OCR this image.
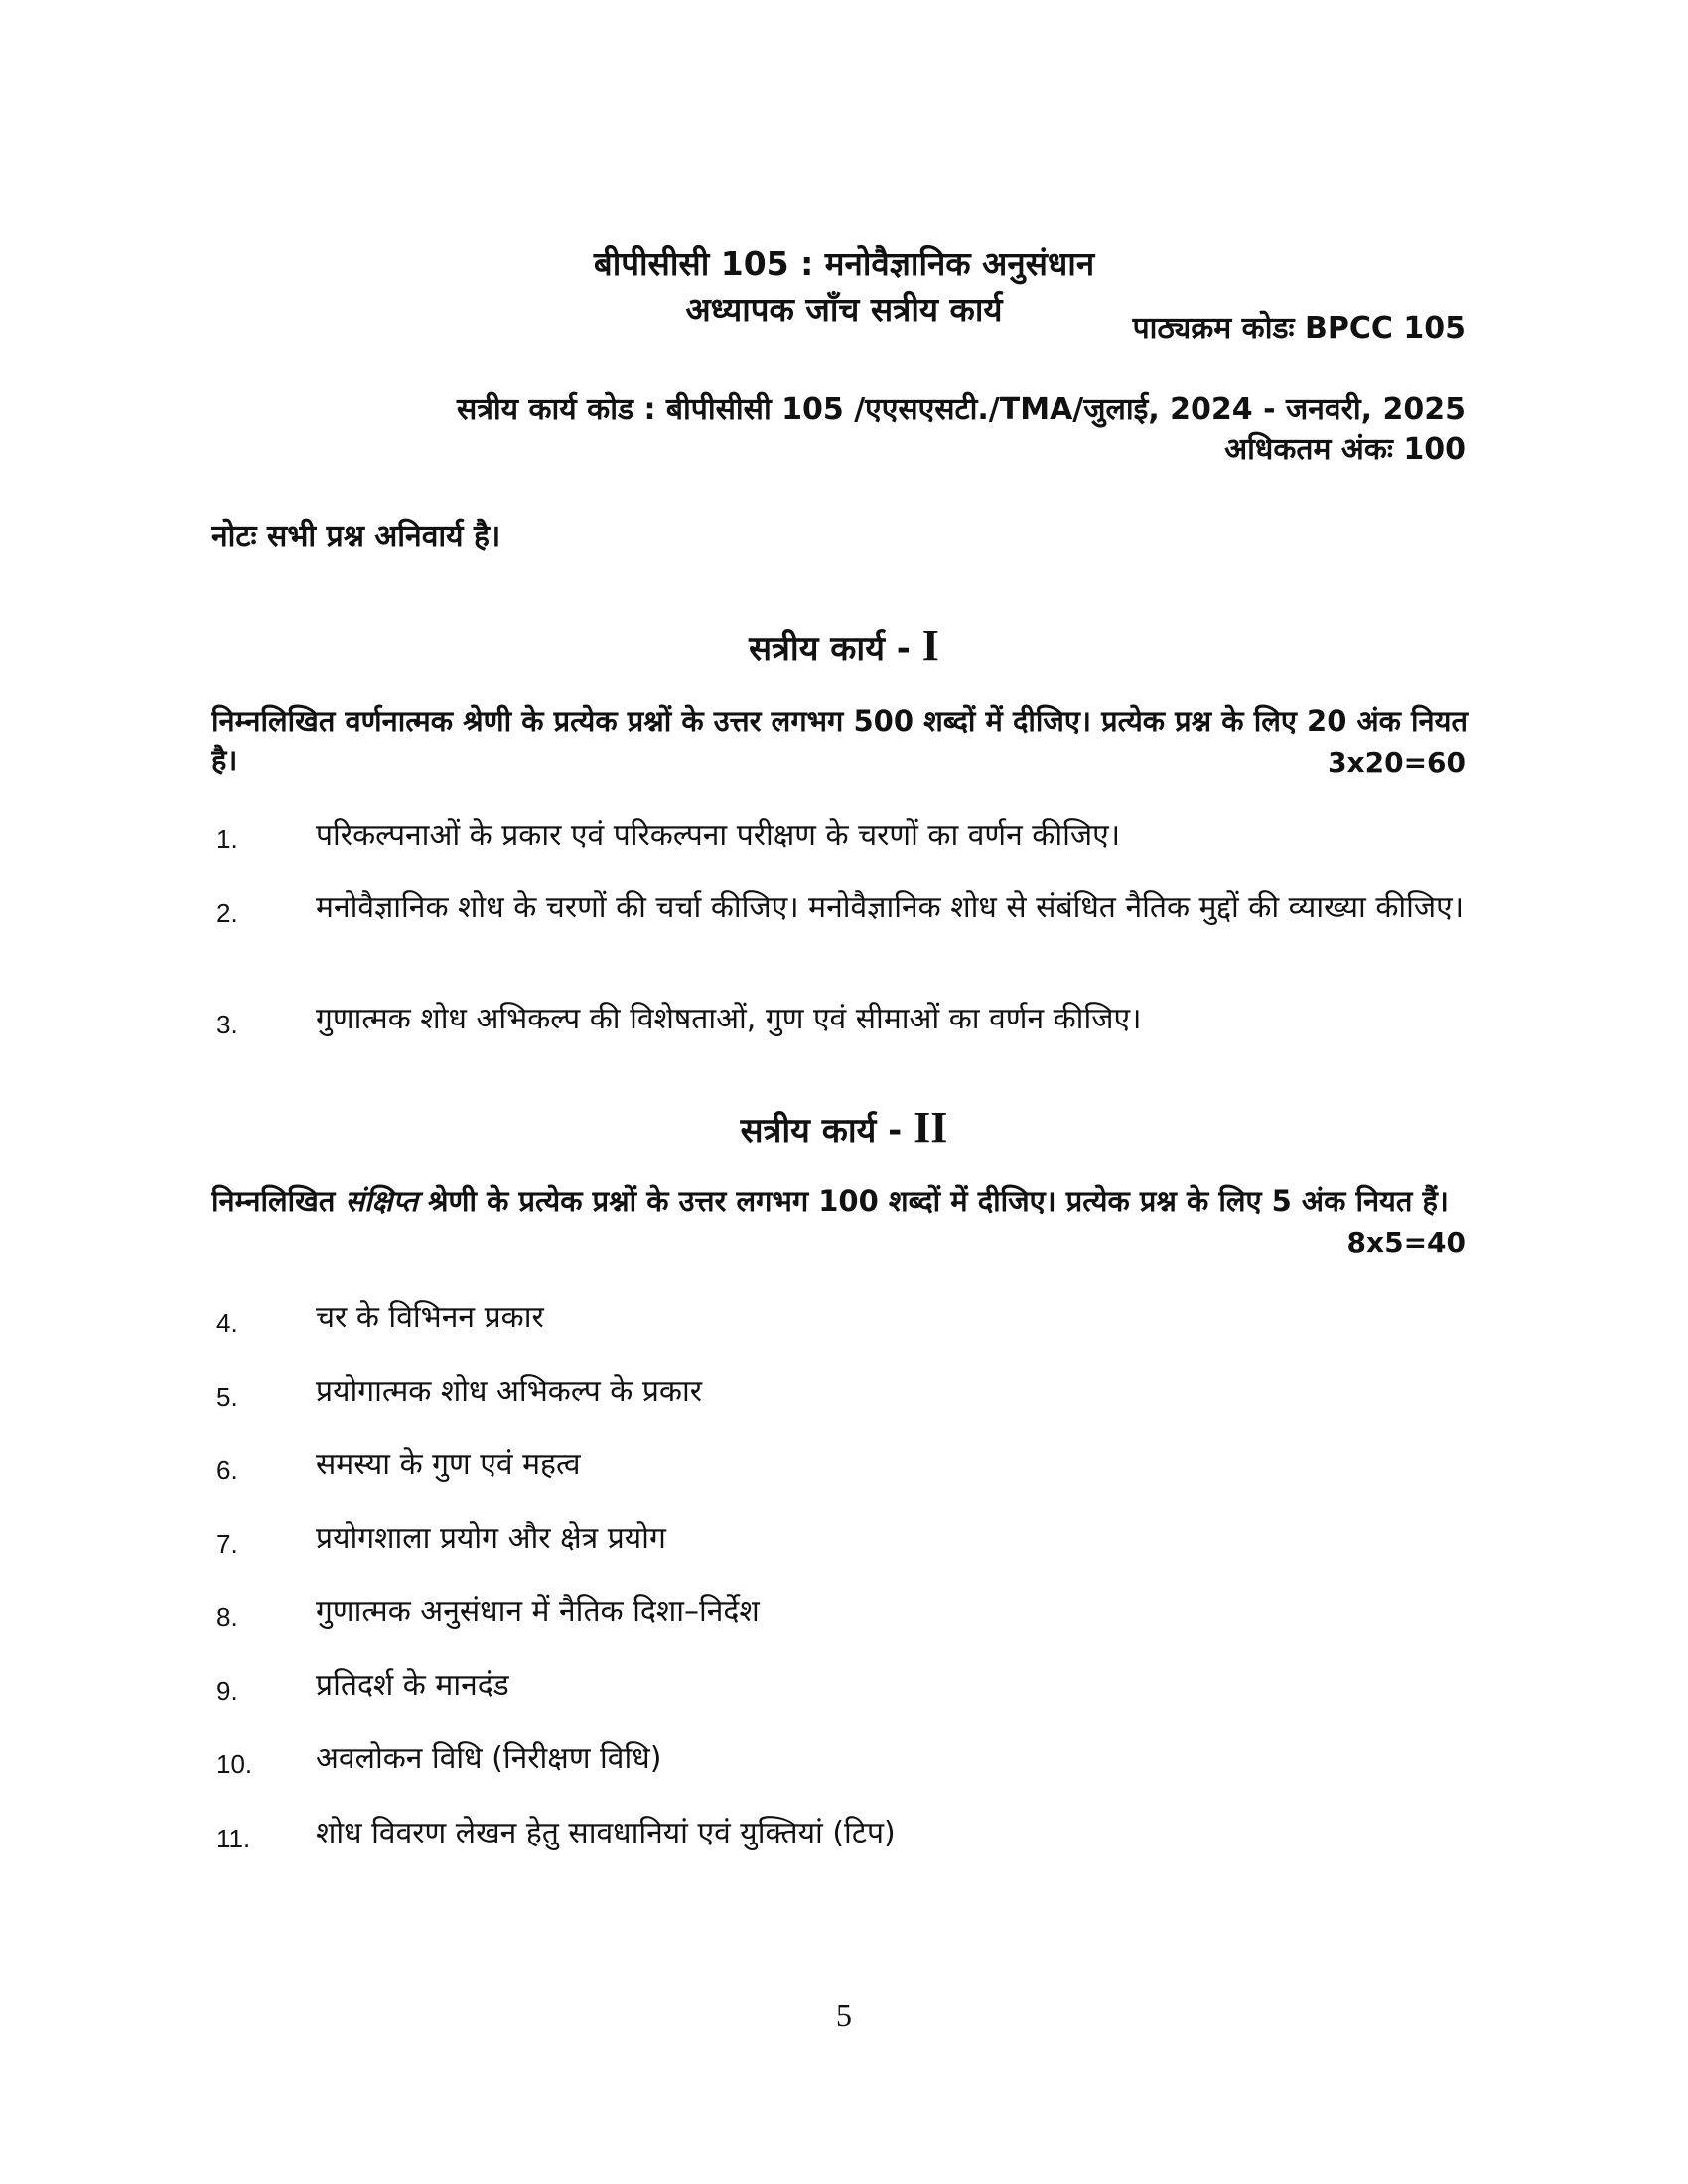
बीपीसीसी 105 : मनोवैज्ञानिक अनुसंधान
अध्यापक जाँच सत्रीय कार्य	पाठ्यक्रम कोडः BPCC 105
सत्रीय कार्य कोड : बीपीसीसी 105 /एएसएसटी./TMA/जुलाई, 2024 - जनवरी, 2025
अधिकतम अंकः 100
नोटः सभी प्रश्न अनिवार्य है।
सत्रीय कार्य - I
निम्नलिखित वर्णनात्मक श्रेणी के प्रत्येक प्रश्नों के उत्तर लगभग 500 शब्दों में दीजिए। प्रत्येक प्रश्न के लिए 20 अंक नियत है।	3x20=60
1.	परिकल्पनाओं के प्रकार एवं परिकल्पना परीक्षण के चरणों का वर्णन कीजिए।
2.	मनोवैज्ञानिक शोध के चरणों की चर्चा कीजिए। मनोवैज्ञानिक शोध से संबंधित नैतिक मुद्दों की व्याख्या कीजिए।
3.	गुणात्मक शोध अभिकल्प की विशेषताओं, गुण एवं सीमाओं का वर्णन कीजिए।
सत्रीय कार्य - II
निम्नलिखित संक्षिप्त श्रेणी के प्रत्येक प्रश्नों के उत्तर लगभग 100 शब्दों में दीजिए। प्रत्येक प्रश्न के लिए 5 अंक नियत हैं।
8x5=40
4.	चर के विभिनन प्रकार
5.	प्रयोगात्मक शोध अभिकल्प के प्रकार
6.	समस्या के गुण एवं महत्व
7.	प्रयोगशाला प्रयोग और क्षेत्र प्रयोग
8.	गुणात्मक अनुसंधान में नैतिक दिशा–निर्देश
9.	प्रतिदर्श के मानदंड
10. अवलोकन विधि (निरीक्षण विधि)
11. शोध विवरण लेखन हेतु सावधानियां एवं युक्तियां (टिप)
5
